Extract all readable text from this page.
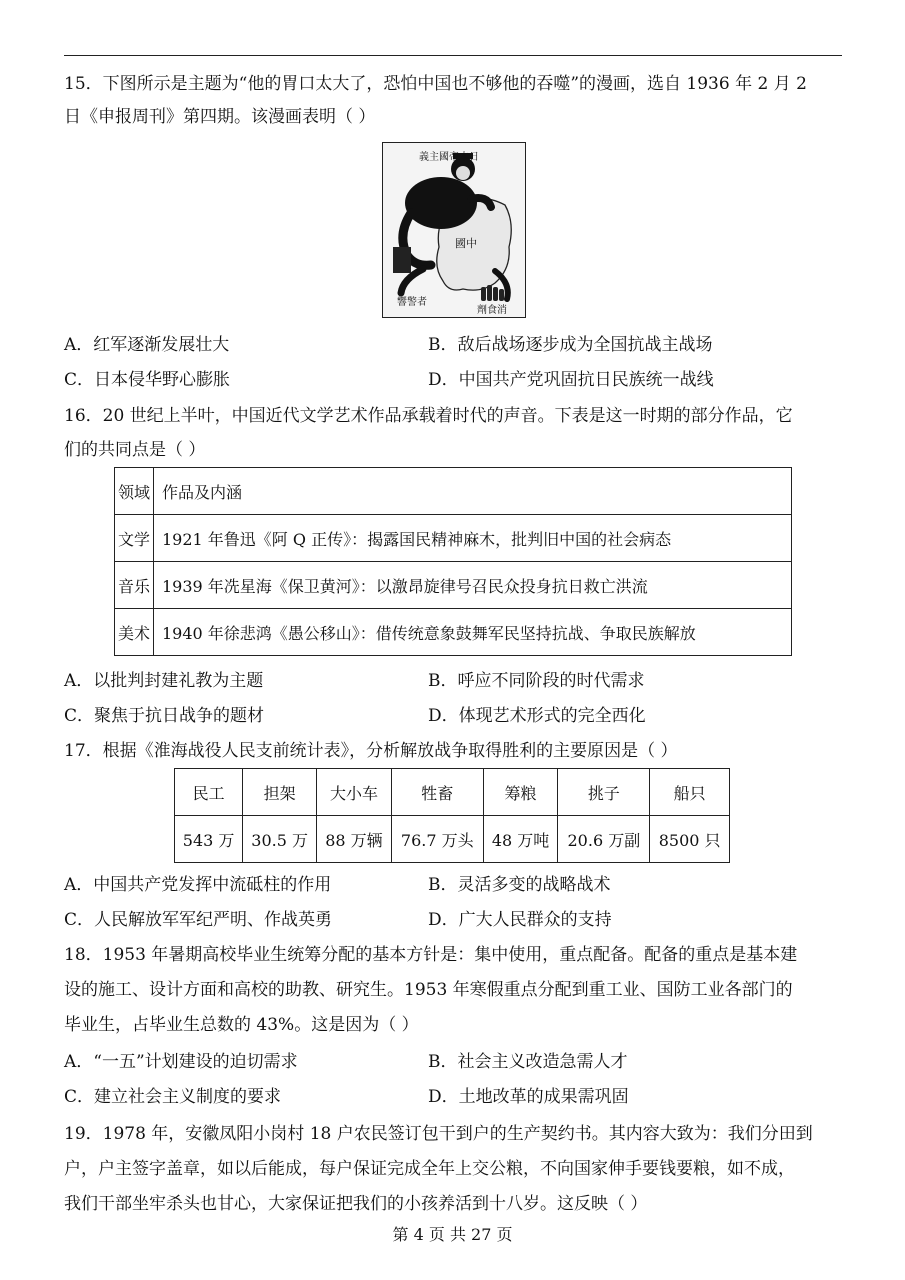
15．下图所示是主题为“他的胃口太大了，恐怕中国也不够他的吞噬”的漫画，选自 1936 年 2 月 2
日《申报周刊》第四期。该漫画表明（ ）
義主國帝本日
國中
響警者
劑食消
A．红军逐渐发展壮大	B．敌后战场逐步成为全国抗战主战场
C．日本侵华野心膨胀	D．中国共产党巩固抗日民族统一战线
16．20 世纪上半叶，中国近代文学艺术作品承载着时代的声音。下表是这一时期的部分作品，它
们的共同点是（ ）
领域	作品及内涵
文学	1921 年鲁迅《阿 Q 正传》：揭露国民精神麻木，批判旧中国的社会病态
音乐	1939 年冼星海《保卫黄河》：以激昂旋律号召民众投身抗日救亡洪流
美术	1940 年徐悲鸿《愚公移山》：借传统意象鼓舞军民坚持抗战、争取民族解放
A．以批判封建礼教为主题	B．呼应不同阶段的时代需求
C．聚焦于抗日战争的题材	D．体现艺术形式的完全西化
17．根据《淮海战役人民支前统计表》，分析解放战争取得胜利的主要原因是（ ）
民工	担架	大小车	牲畜	筹粮	挑子	船只
543 万	30.5 万	88 万辆	76.7 万头	48 万吨	20.6 万副	8500 只
A．中国共产党发挥中流砥柱的作用	B．灵活多变的战略战术
C．人民解放军军纪严明、作战英勇	D．广大人民群众的支持
18．1953 年暑期高校毕业生统筹分配的基本方针是：集中使用，重点配备。配备的重点是基本建
设的施工、设计方面和高校的助教、研究生。1953 年寒假重点分配到重工业、国防工业各部门的
毕业生，占毕业生总数的 43%。这是因为（ ）
A．“一五”计划建设的迫切需求	B．社会主义改造急需人才
C．建立社会主义制度的要求	D．土地改革的成果需巩固
19．1978 年，安徽凤阳小岗村 18 户农民签订包干到户的生产契约书。其内容大致为：我们分田到
户，户主签字盖章，如以后能成，每户保证完成全年上交公粮，不向国家伸手要钱要粮，如不成，
我们干部坐牢杀头也甘心，大家保证把我们的小孩养活到十八岁。这反映（ ）
第 4 页 共 27 页
